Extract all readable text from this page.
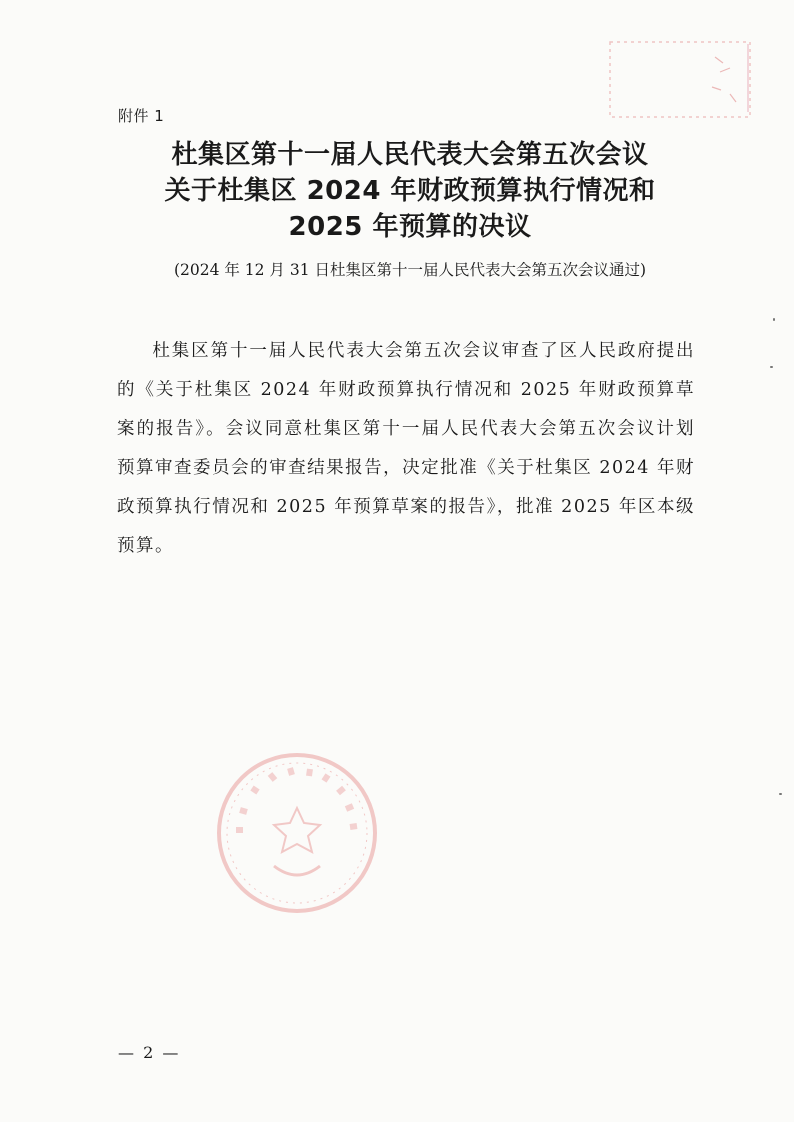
附件 1
杜集区第十一届人民代表大会第五次会议
关于杜集区 2024 年财政预算执行情况和
2025 年预算的决议
(2024 年 12 月 31 日杜集区第十一届人民代表大会第五次会议通过)
杜集区第十一届人民代表大会第五次会议审查了区人民政府提出的《关于杜集区 2024 年财政预算执行情况和 2025 年财政预算草案的报告》。会议同意杜集区第十一届人民代表大会第五次会议计划预算审查委员会的审查结果报告，决定批准《关于杜集区 2024 年财政预算执行情况和 2025 年预算草案的报告》，批准 2025 年区本级预算。
— 2 —
